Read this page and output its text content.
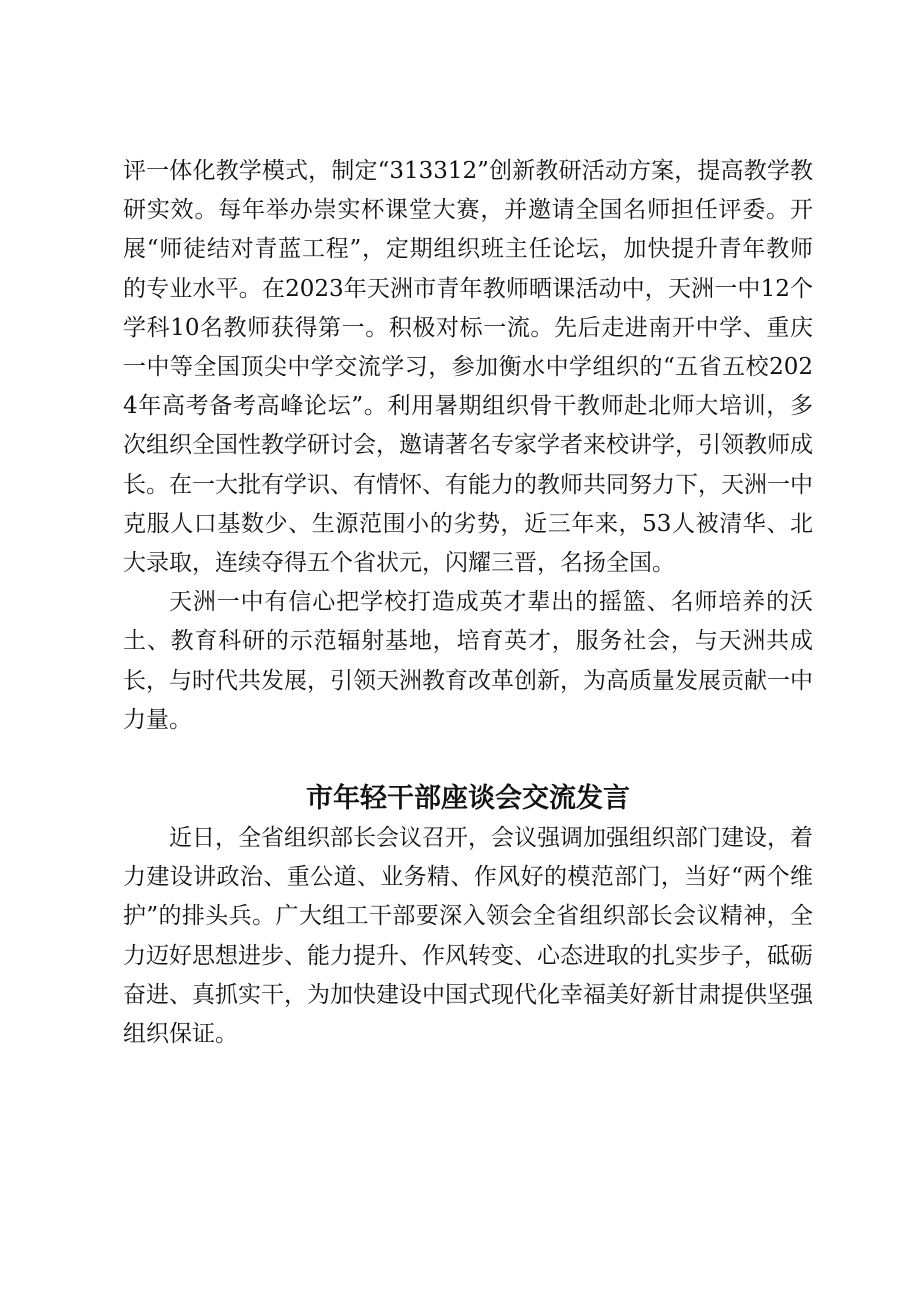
评一体化教学模式，制定“313312”创新教研活动方案，提高教学教研实效。每年举办崇实杯课堂大赛，并邀请全国名师担任评委。开展“师徒结对青蓝工程”，定期组织班主任论坛，加快提升青年教师的专业水平。在2023年天洲市青年教师晒课活动中，天洲一中12个学科10名教师获得第一。积极对标一流。先后走进南开中学、重庆一中等全国顶尖中学交流学习，参加衡水中学组织的“五省五校2024年高考备考高峰论坛”。利用暑期组织骨干教师赴北师大培训，多次组织全国性教学研讨会，邀请著名专家学者来校讲学，引领教师成长。在一大批有学识、有情怀、有能力的教师共同努力下，天洲一中克服人口基数少、生源范围小的劣势，近三年来，53人被清华、北大录取，连续夺得五个省状元，闪耀三晋，名扬全国。

天洲一中有信心把学校打造成英才辈出的摇篮、名师培养的沃土、教育科研的示范辐射基地，培育英才，服务社会，与天洲共成长，与时代共发展，引领天洲教育改革创新，为高质量发展贡献一中力量。

市年轻干部座谈会交流发言

近日，全省组织部长会议召开，会议强调加强组织部门建设，着力建设讲政治、重公道、业务精、作风好的模范部门，当好“两个维护”的排头兵。广大组工干部要深入领会全省组织部长会议精神，全力迈好思想进步、能力提升、作风转变、心态进取的扎实步子，砥砺奋进、真抓实干，为加快建设中国式现代化幸福美好新甘肃提供坚强组织保证。
